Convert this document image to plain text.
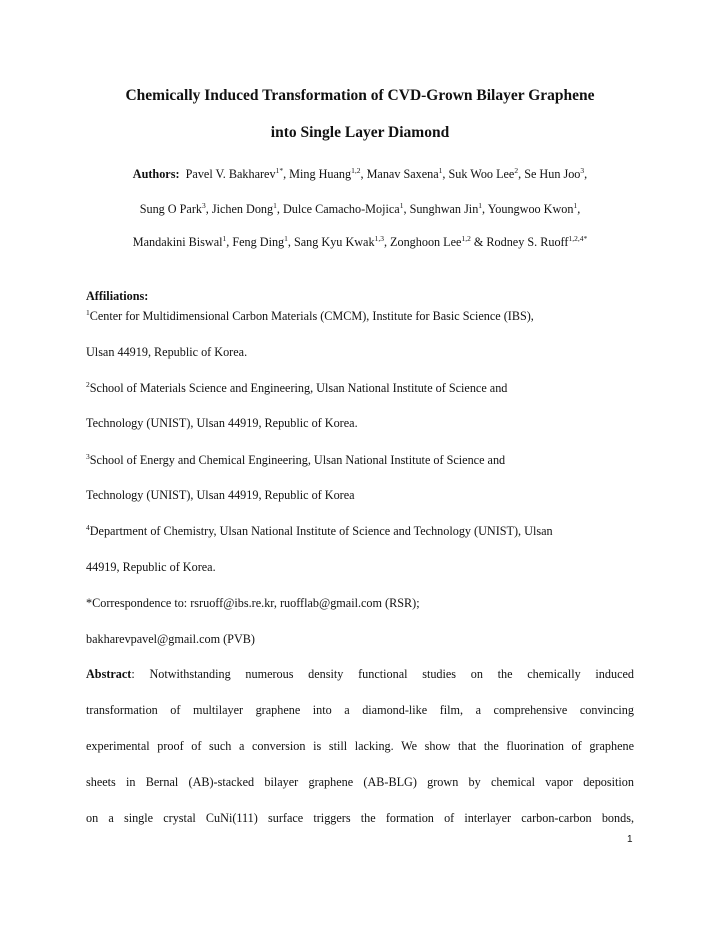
Chemically Induced Transformation of CVD-Grown Bilayer Graphene
into Single Layer Diamond
Authors: Pavel V. Bakharev$^{1*}$, Ming Huang$^{1,2}$, Manav Saxena$^1$, Suk Woo Lee$^2$, Se Hun Joo$^3$,
Sung O Park$^3$, Jichen Dong$^1$, Dulce Camacho-Mojica$^1$, Sunghwan Jin$^1$, Youngwoo Kwon$^1$,
Mandakini Biswal$^1$, Feng Ding$^1$, Sang Kyu Kwak$^{1,3}$, Zonghoon Lee$^{1,2}$ & Rodney S. Ruoff$^{1,2,4*}$
Affiliations:
$^1$Center for Multidimensional Carbon Materials (CMCM), Institute for Basic Science (IBS),
Ulsan 44919, Republic of Korea.
$^2$School of Materials Science and Engineering, Ulsan National Institute of Science and
Technology (UNIST), Ulsan 44919, Republic of Korea.
$^3$School of Energy and Chemical Engineering, Ulsan National Institute of Science and
Technology (UNIST), Ulsan 44919, Republic of Korea
$^4$Department of Chemistry, Ulsan National Institute of Science and Technology (UNIST), Ulsan
44919, Republic of Korea.
*Correspondence to: rsruoff@ibs.re.kr, ruofflab@gmail.com (RSR);
bakharevpavel@gmail.com (PVB)
Abstract: Notwithstanding numerous density functional studies on the chemically induced
transformation of multilayer graphene into a diamond-like film, a comprehensive convincing
experimental proof of such a conversion is still lacking. We show that the fluorination of graphene
sheets in Bernal (AB)-stacked bilayer graphene (AB-BLG) grown by chemical vapor deposition
on a single crystal CuNi(111) surface triggers the formation of interlayer carbon-carbon bonds,
1
